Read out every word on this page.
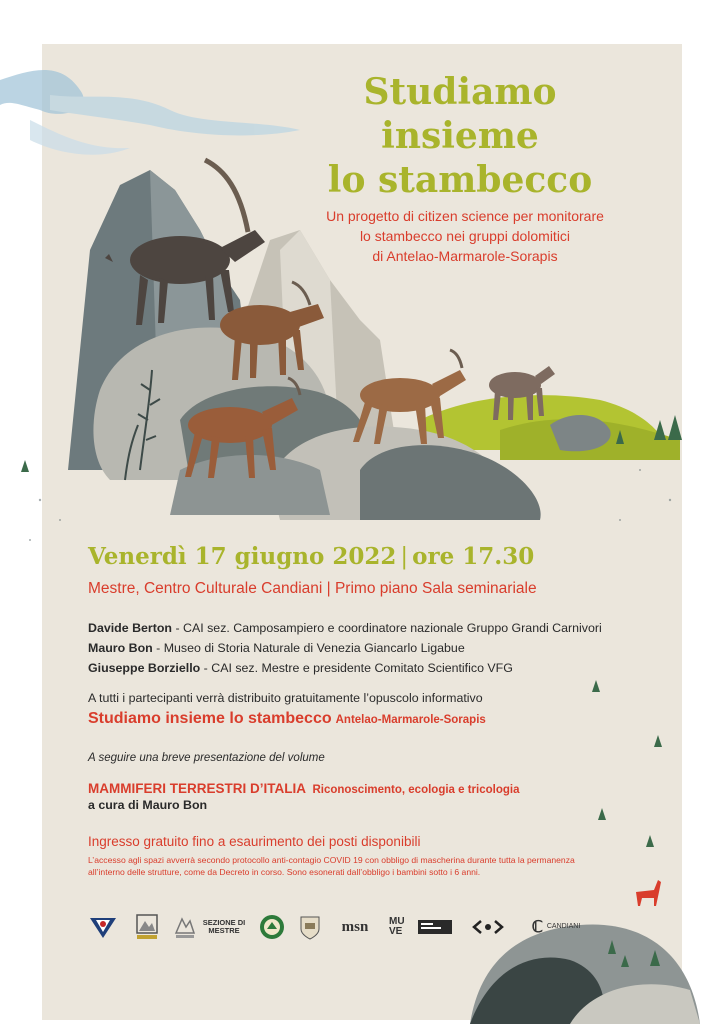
Studiamo
insieme
lo stambecco
Un progetto di citizen science per monitorare
lo stambecco nei gruppi dolomitici
di Antelao-Marmarole-Sorapis
Venerdì 17 giugno 2022 | ore 17.30
Mestre, Centro Culturale Candiani | Primo piano Sala seminariale
Davide Berton - CAI sez. Camposampiero e coordinatore nazionale Gruppo Grandi Carnivori
Mauro Bon - Museo di Storia Naturale di Venezia Giancarlo Ligabue
Giuseppe Borziello - CAI sez. Mestre e presidente Comitato Scientifico VFG
A tutti i partecipanti verrà distribuito gratuitamente l’opuscolo informativo
Studiamo insieme lo stambecco Antelao-Marmarole-Sorapis
A seguire una breve presentazione del volume
MAMMIFERI TERRESTRI D’ITALIA Riconoscimento, ecologia e tricologia
a cura di Mauro Bon
Ingresso gratuito fino a esaurimento dei posti disponibili
L’accesso agli spazi avverrà secondo protocollo anti-contagio COVID 19 con obbligo di mascherina durante tutta la permanenza all’interno delle strutture, come da Decreto in corso. Sono esonerati dall’obbligo i bambini sotto i 6 anni.
SEZIONE DI MESTRE	msn MU VE	ℂ CANDIANI
